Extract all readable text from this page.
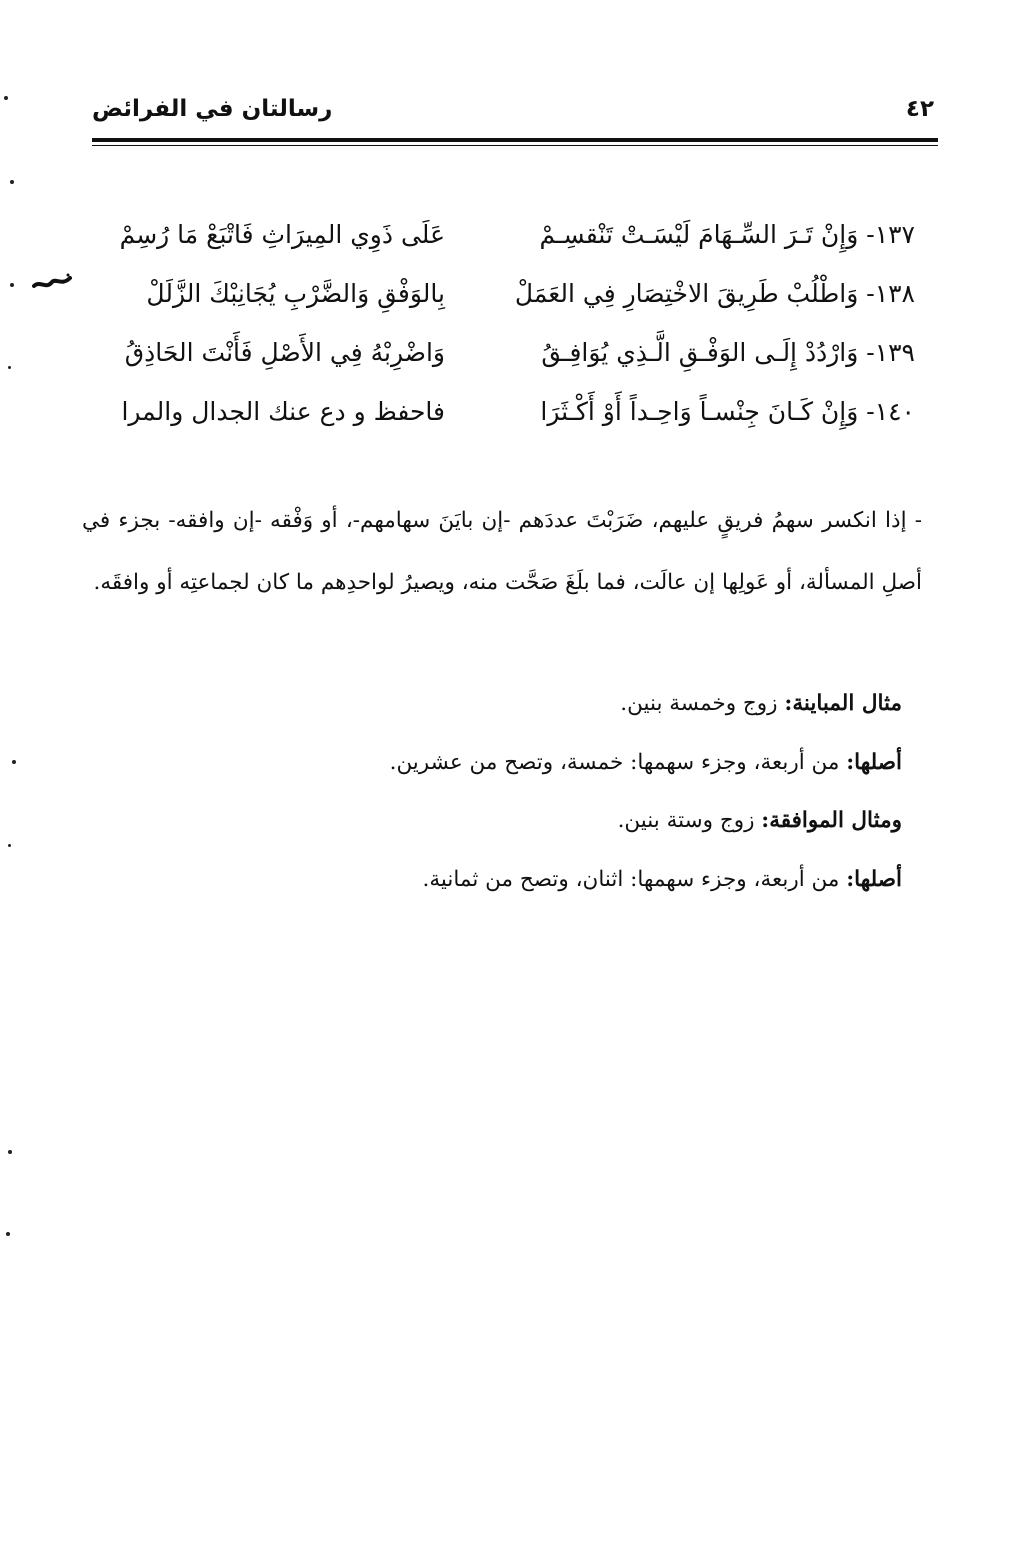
رسالتان في الفرائض	٤٢
١٣٧- وَإِنْ تَـرَ السِّـهَامَ لَيْسَـتْ تَنْقسِـمْ
عَلَى ذَوِي المِيرَاثِ فَاتْبَعْ مَا رُسِمْ
١٣٨- وَاطْلُبْ طَرِيقَ الاخْتِصَارِ فِي العَمَلْ
بِالوَفْقِ وَالضَّرْبِ يُجَانِبْكَ الزَّلَلْ
١٣٩- وَارْدُدْ إِلَـى الوَفْـقِ الَّـذِي يُوَافِـقُ
وَاضْرِبْهُ فِي الأَصْلِ فَأَنْتَ الحَاذِقُ
١٤٠- وَإِنْ كَـانَ جِنْسـاً وَاحِـداً أَوْ أَكْـثَرَا
فاحفظ و دع عنك الجدال والمرا

- إذا انكسر سهمُ فريقٍ عليهم، ضَرَبْتَ عددَهم -إن بايَنَ سهامهم-، أو وَفْقه -إن وافقه- بجزء في أصلِ المسألة، أو عَولِها إن عالَت، فما بلَغَ صَحَّت منه، ويصيرُ لواحدِهم ما كان لجماعتِه أو وافقَه.

مثال المباينة: زوج وخمسة بنين.
أصلها: من أربعة، وجزء سهمها: خمسة، وتصح من عشرين.
ومثال الموافقة: زوج وستة بنين.
أصلها: من أربعة، وجزء سهمها: اثنان، وتصح من ثمانية.
